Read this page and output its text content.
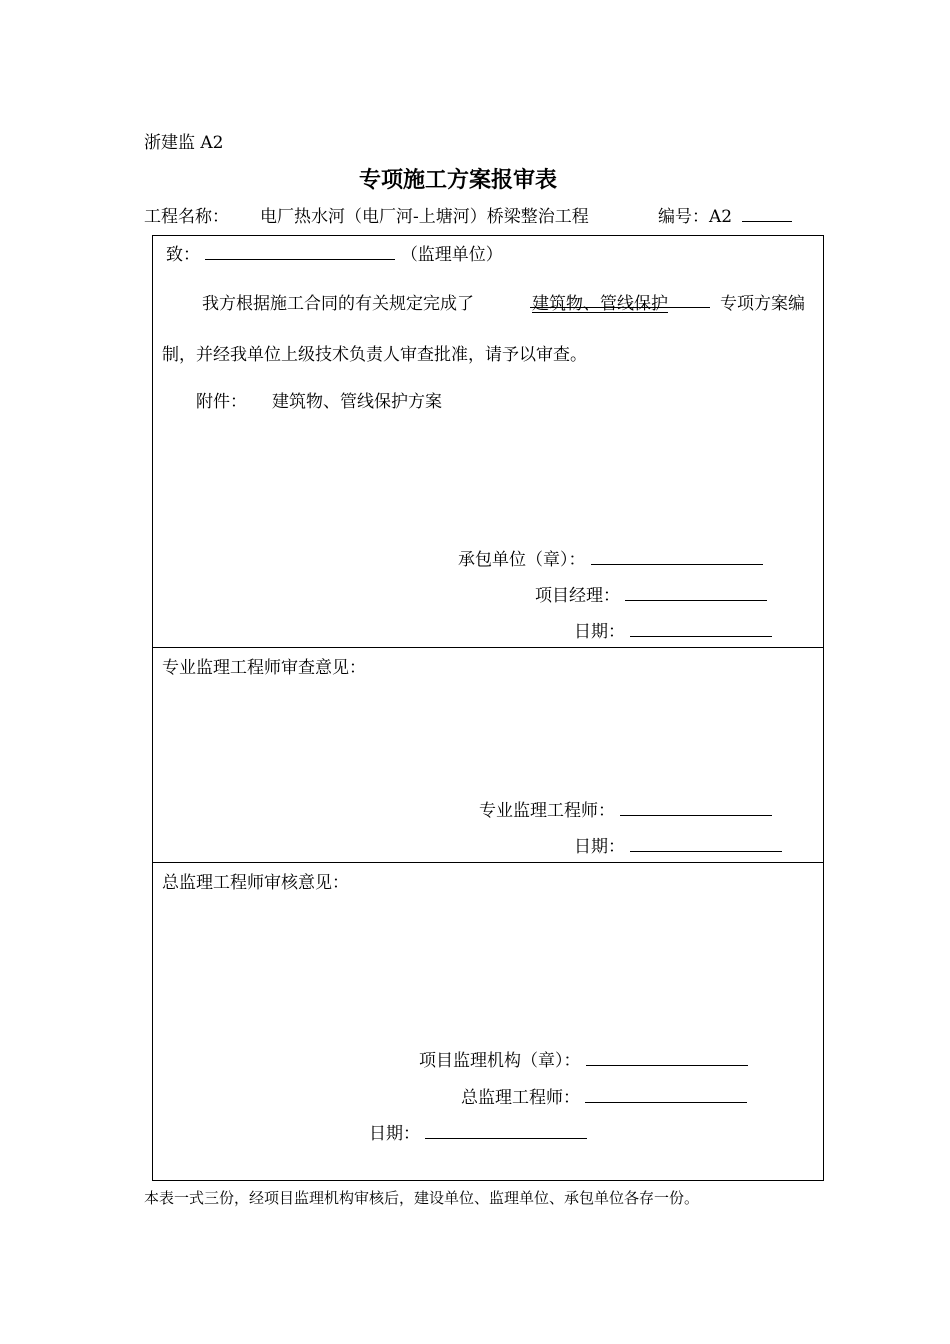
浙建监 A2
专项施工方案报审表
工程名称： 电厂热水河（电厂河-上塘河）桥梁整治工程	编号：A2
致：	（监理单位）
我方根据施工合同的有关规定完成了	建筑物、管线保护	专项方案编
制，并经我单位上级技术负责人审查批准，请予以审查。
附件： 建筑物、管线保护方案
承包单位（章）：
项目经理：
日期：
专业监理工程师审查意见：
专业监理工程师：
日期：
总监理工程师审核意见：
项目监理机构（章）：
总监理工程师：
日期：
本表一式三份，经项目监理机构审核后，建设单位、监理单位、承包单位各存一份。
